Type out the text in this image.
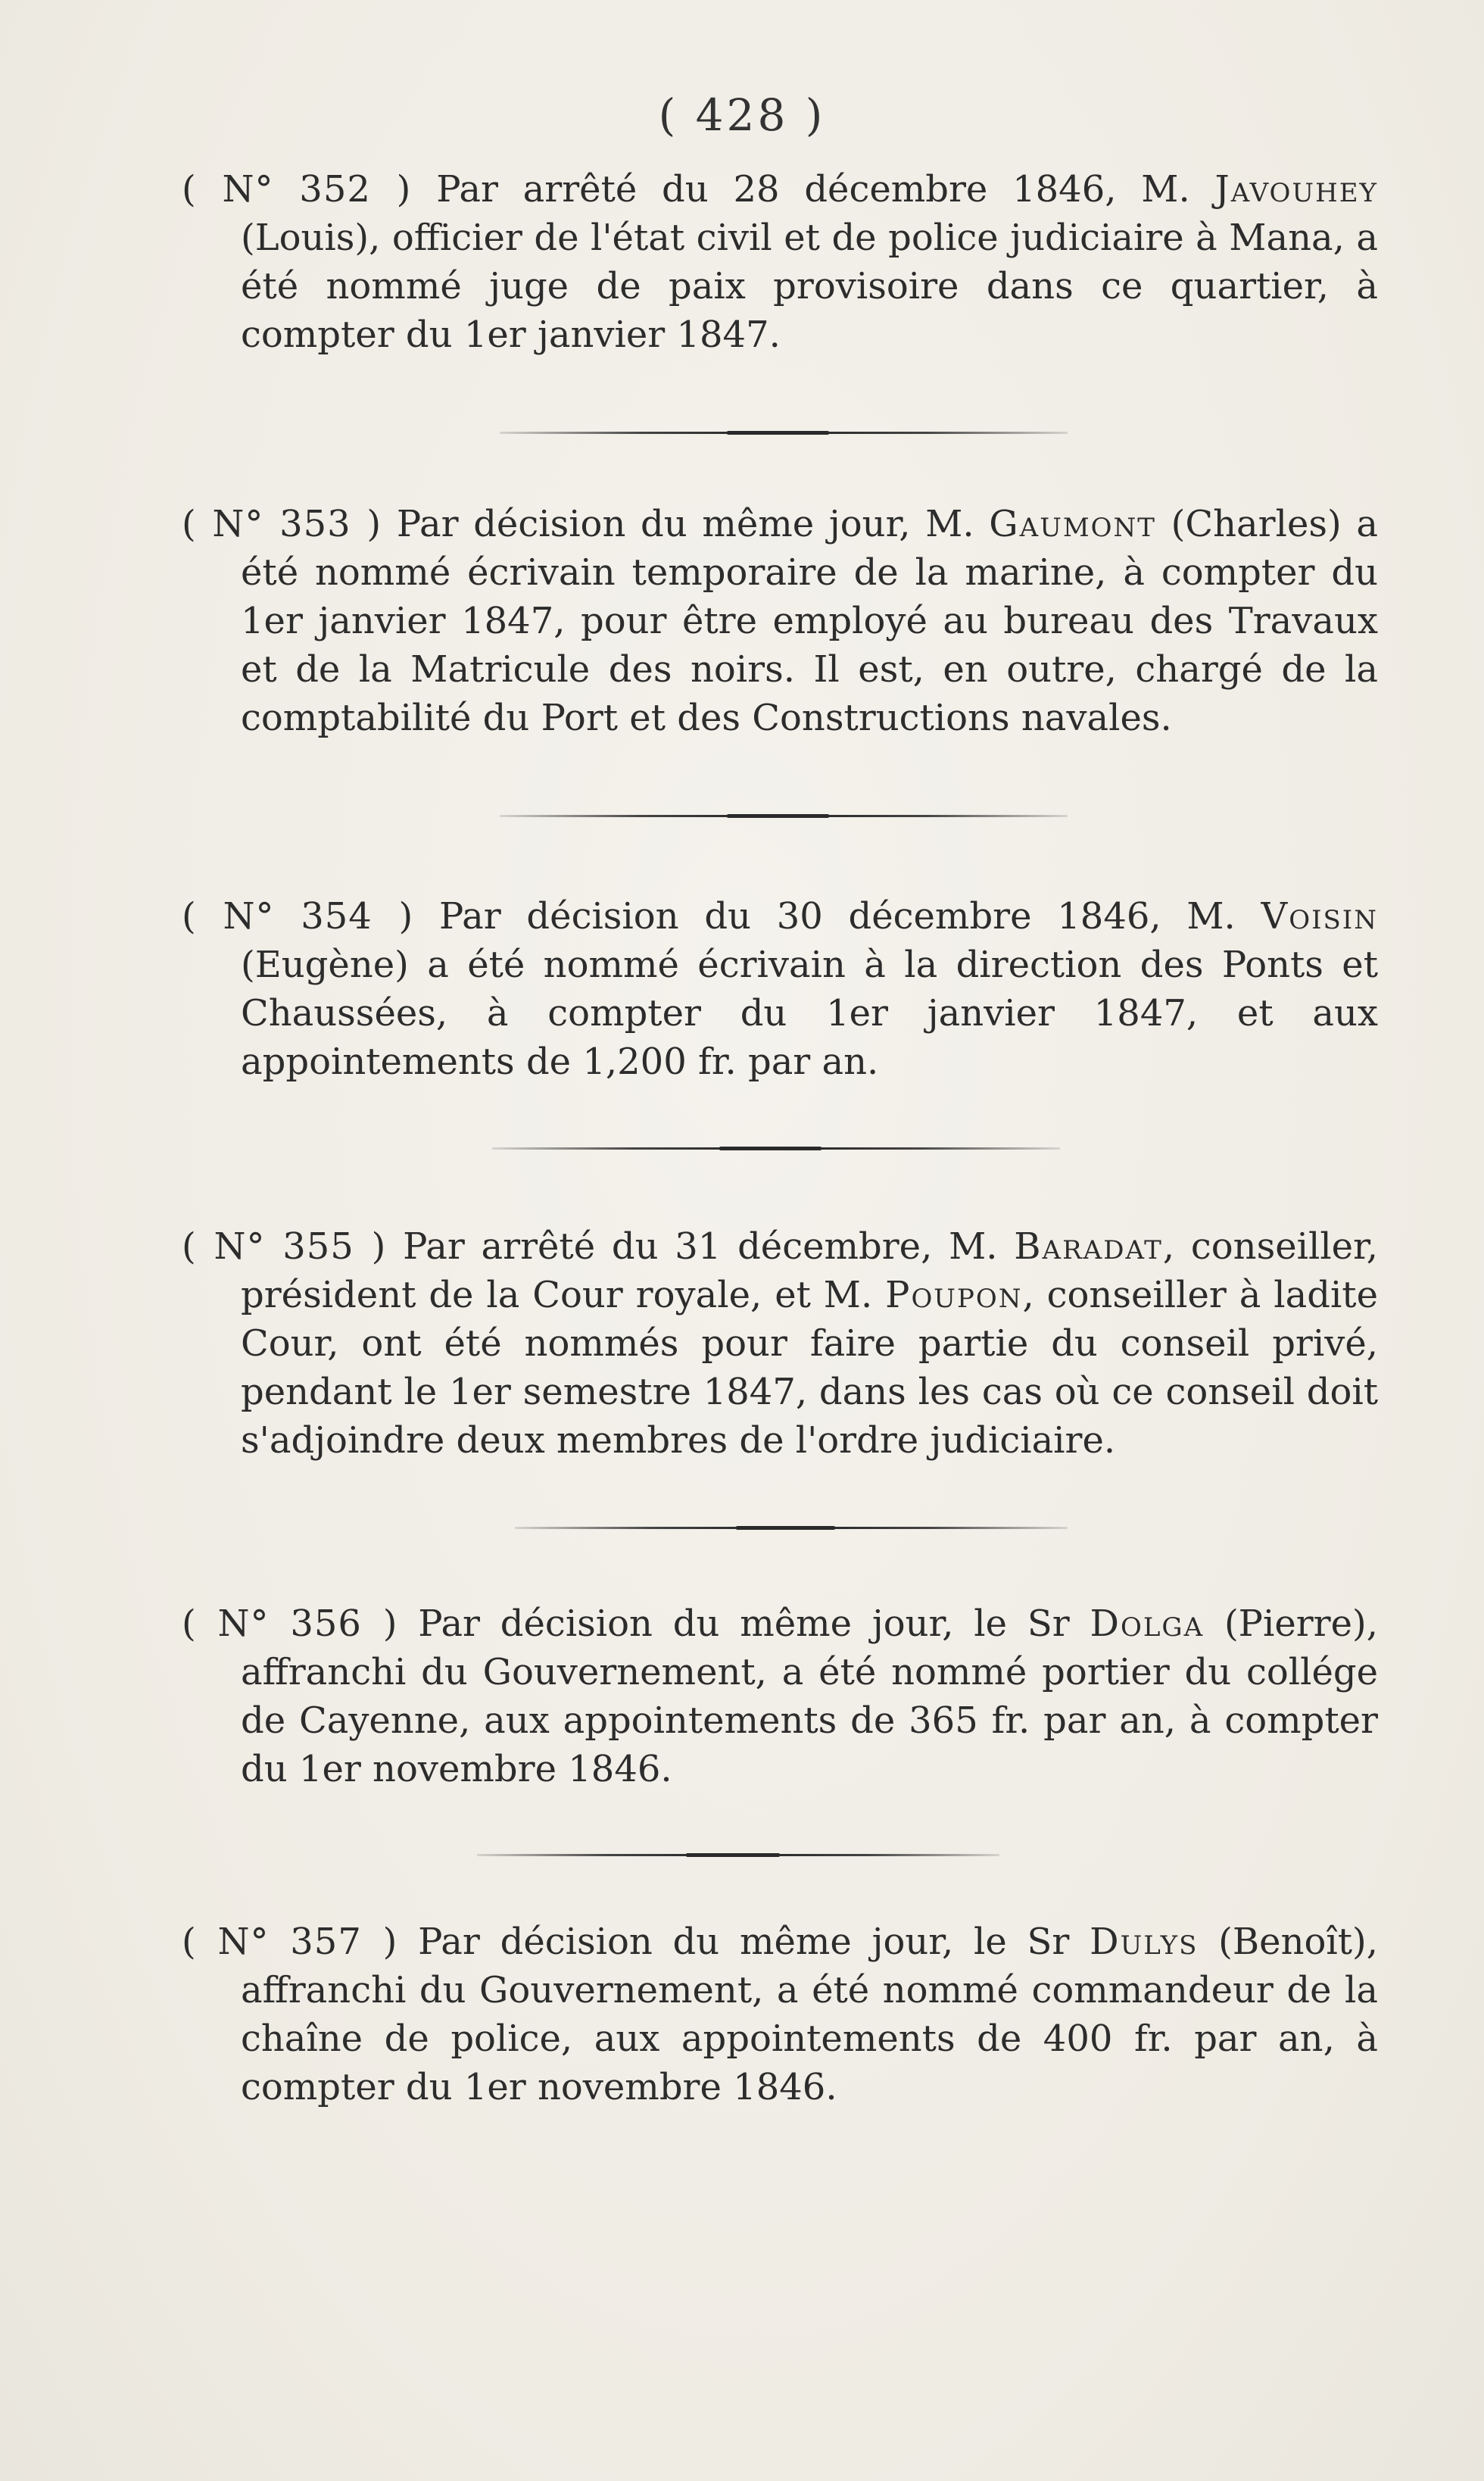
( 428 )

( N° 352 ) Par arrêté du 28 décembre 1846, M. Javouhey (Louis), officier de l'état civil et de police judiciaire à Mana, a été nommé juge de paix provisoire dans ce quartier, à compter du 1er janvier 1847.

( N° 353 ) Par décision du même jour, M. Gaumont (Charles) a été nommé écrivain temporaire de la marine, à compter du 1er janvier 1847, pour être employé au bureau des Travaux et de la Matricule des noirs. Il est, en outre, chargé de la comptabilité du Port et des Constructions navales.

( N° 354 ) Par décision du 30 décembre 1846, M. Voisin (Eugène) a été nommé écrivain à la direction des Ponts et Chaussées, à compter du 1er janvier 1847, et aux appointements de 1,200 fr. par an.

( N° 355 ) Par arrêté du 31 décembre, M. Baradat, conseiller, président de la Cour royale, et M. Poupon, conseiller à ladite Cour, ont été nommés pour faire partie du conseil privé, pendant le 1er semestre 1847, dans les cas où ce conseil doit s'adjoindre deux membres de l'ordre judiciaire.

( N° 356 ) Par décision du même jour, le Sr Dolga (Pierre), affranchi du Gouvernement, a été nommé portier du collége de Cayenne, aux appointements de 365 fr. par an, à compter du 1er novembre 1846.

( N° 357 ) Par décision du même jour, le Sr Dulys (Benoît), affranchi du Gouvernement, a été nommé commandeur de la chaîne de police, aux appointements de 400 fr. par an, à compter du 1er novembre 1846.
